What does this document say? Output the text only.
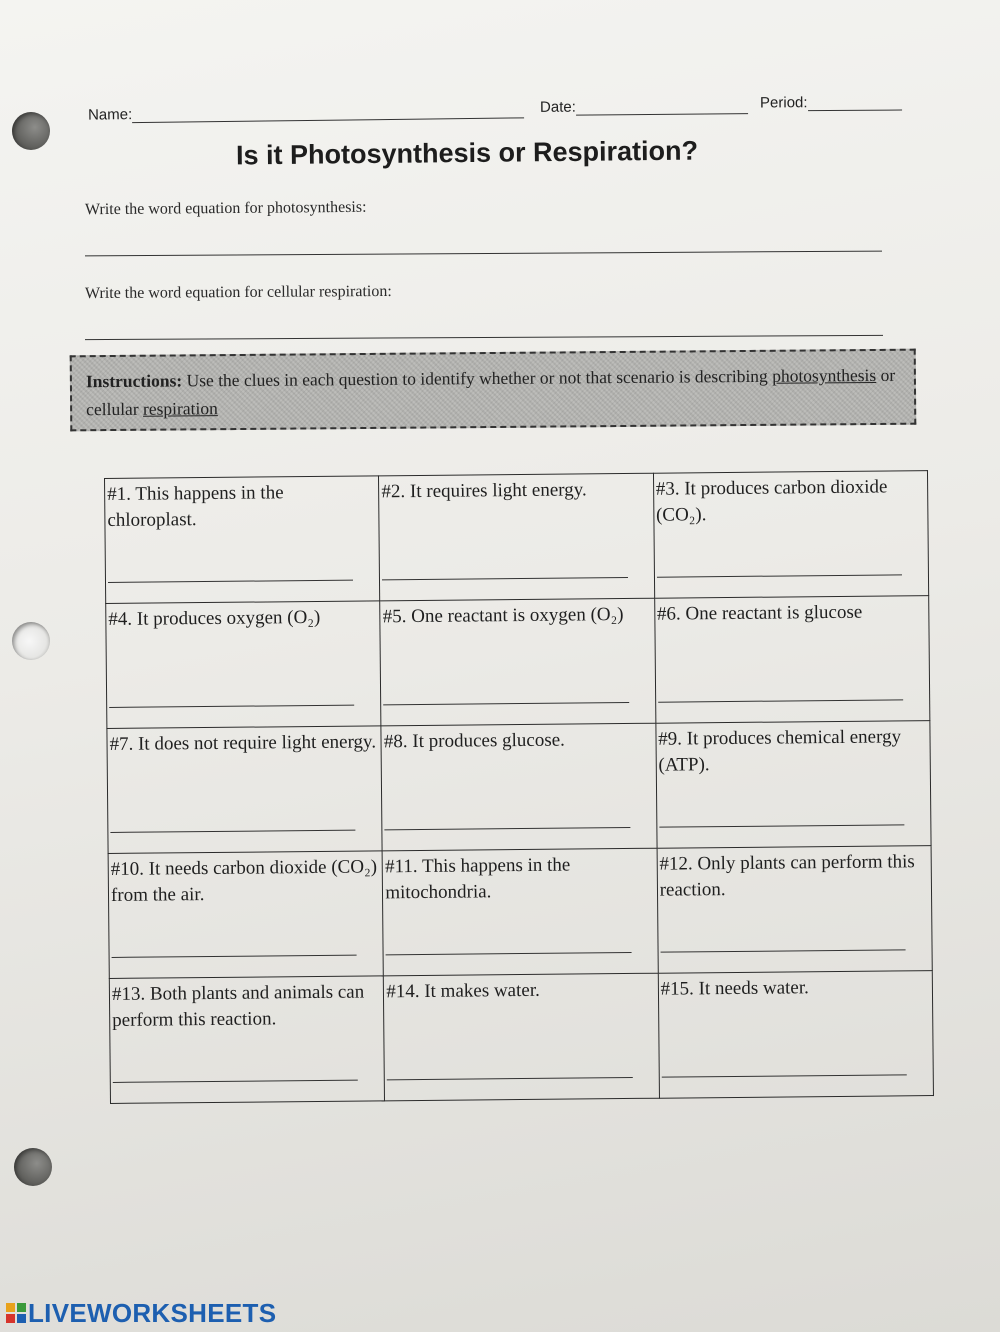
Name:	Date:	Period:
Is it Photosynthesis or Respiration?
Write the word equation for photosynthesis:
Write the word equation for cellular respiration:
Instructions: Use the clues in each question to identify whether or not that scenario is describing photosynthesis or cellular respiration
#1. This happens in the chloroplast.	#2. It requires light energy.	#3. It produces carbon dioxide (CO₂).

#4. It produces oxygen (O₂)	#5. One reactant is oxygen (O₂)	#6. One reactant is glucose

#7. It does not require light energy.	#8. It produces glucose.	#9. It produces chemical energy (ATP).

#10. It needs carbon dioxide (CO₂) from the air.	#11. This happens in the mitochondria.	#12. Only plants can perform this reaction.

#13. Both plants and animals can perform this reaction.	#14. It makes water.	#15. It needs water.
LIVEWORKSHEETS
